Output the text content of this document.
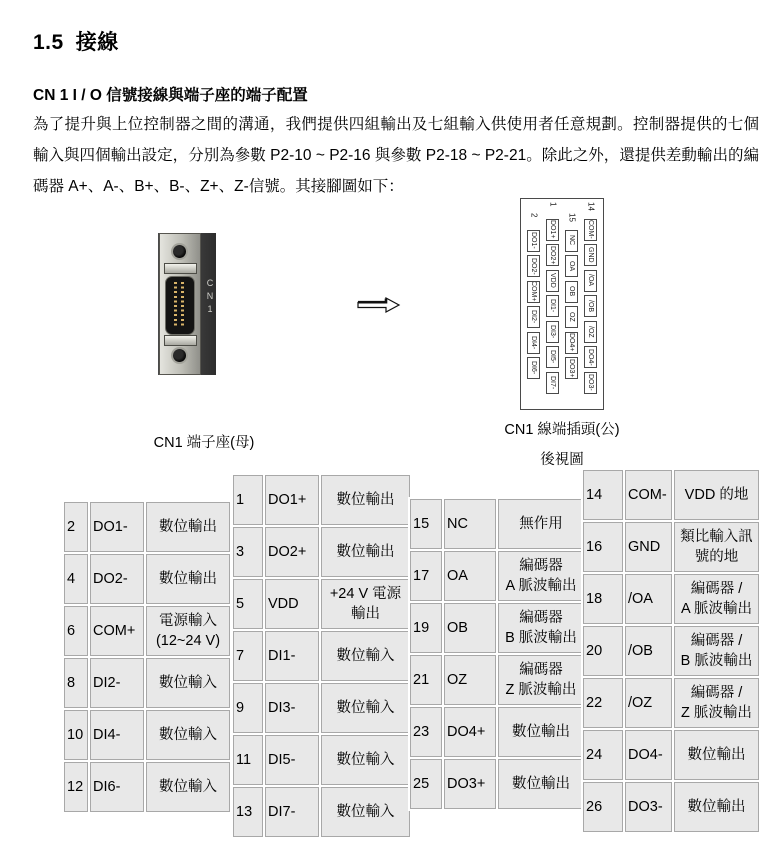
1.5 接線
CN 1 I / O 信號接線與端子座的端子配置

為了提升與上位控制器之間的溝通，我們提供四組輸出及七組輸入供使用者任意規劃。控制器提供的七個輸入與四個輸出設定，分別為參數 P2-10 ~ P2-16 與參數 P2-18 ~ P2-21。除此之外，還提供差動輸出的編碼器 A+、A-、B+、B-、Z+、Z-信號。其接腳圖如下：

CN1
2
DO1-
DO2-
COM+
DI2-
DI4-
DI6-
1
DO1+
DO2+
VDD
DI1-
DI3-
DI5-
DI7-
15
NC
OA
OB
OZ
DO4+
DO3+
14
COM-
GND
/OA
/OB
/OZ
DO4-
DO3-
CN1 端子座(母)
CN1 線端插頭(公)
後視圖
2	DO1-	數位輸出
4	DO2-	數位輸出
6	COM+	電源輸入
(12~24 V)
8	DI2-	數位輸入
10	DI4-	數位輸入
12	DI6-	數位輸入
1	DO1+	數位輸出
3	DO2+	數位輸出
5	VDD	+24 V 電源
輸出
7	DI1-	數位輸入
9	DI3-	數位輸入
11	DI5-	數位輸入
13	DI7-	數位輸入
15	NC	無作用
17	OA	編碼器
A 脈波輸出
19	OB	編碼器
B 脈波輸出
21	OZ	編碼器
Z 脈波輸出
23	DO4+	數位輸出
25	DO3+	數位輸出
14	COM-	VDD 的地
16	GND	類比輸入訊
號的地
18	/OA	編碼器 /
A 脈波輸出
20	/OB	編碼器 /
B 脈波輸出
22	/OZ	編碼器 /
Z 脈波輸出
24	DO4-	數位輸出
26	DO3-	數位輸出
